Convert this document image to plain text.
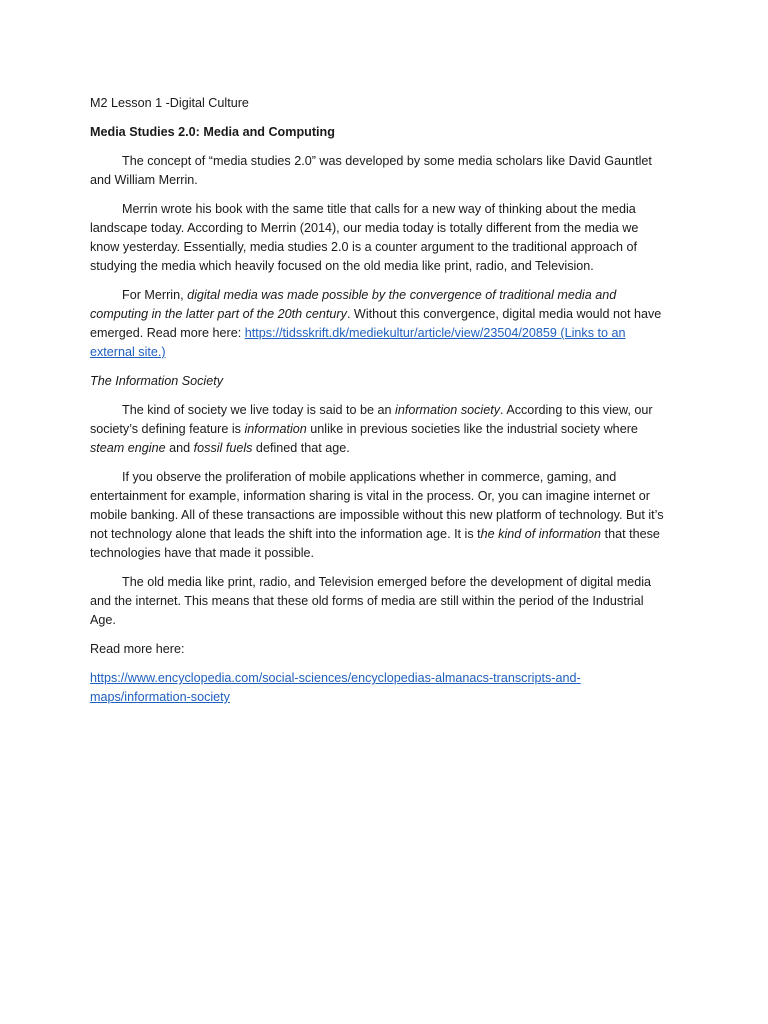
M2 Lesson 1 -Digital Culture

Media Studies 2.0: Media and Computing

The concept of “media studies 2.0” was developed by some media scholars like David Gauntlet and William Merrin.

Merrin wrote his book with the same title that calls for a new way of thinking about the media landscape today. According to Merrin (2014), our media today is totally different from the media we know yesterday. Essentially, media studies 2.0 is a counter argument to the traditional approach of studying the media which heavily focused on the old media like print, radio, and Television.

For Merrin, digital media was made possible by the convergence of traditional media and computing in the latter part of the 20th century. Without this convergence, digital media would not have emerged. Read more here: https://tidsskrift.dk/mediekultur/article/view/23504/20859 (Links to an external site.)

The Information Society

The kind of society we live today is said to be an information society. According to this view, our society’s defining feature is information unlike in previous societies like the industrial society where steam engine and fossil fuels defined that age.

If you observe the proliferation of mobile applications whether in commerce, gaming, and entertainment for example, information sharing is vital in the process. Or, you can imagine internet or mobile banking. All of these transactions are impossible without this new platform of technology. But it’s not technology alone that leads the shift into the information age. It is the kind of information that these technologies have that made it possible.

The old media like print, radio, and Television emerged before the development of digital media and the internet. This means that these old forms of media are still within the period of the Industrial Age.

Read more here:

https://www.encyclopedia.com/social-sciences/encyclopedias-almanacs-transcripts-and-maps/information-society
